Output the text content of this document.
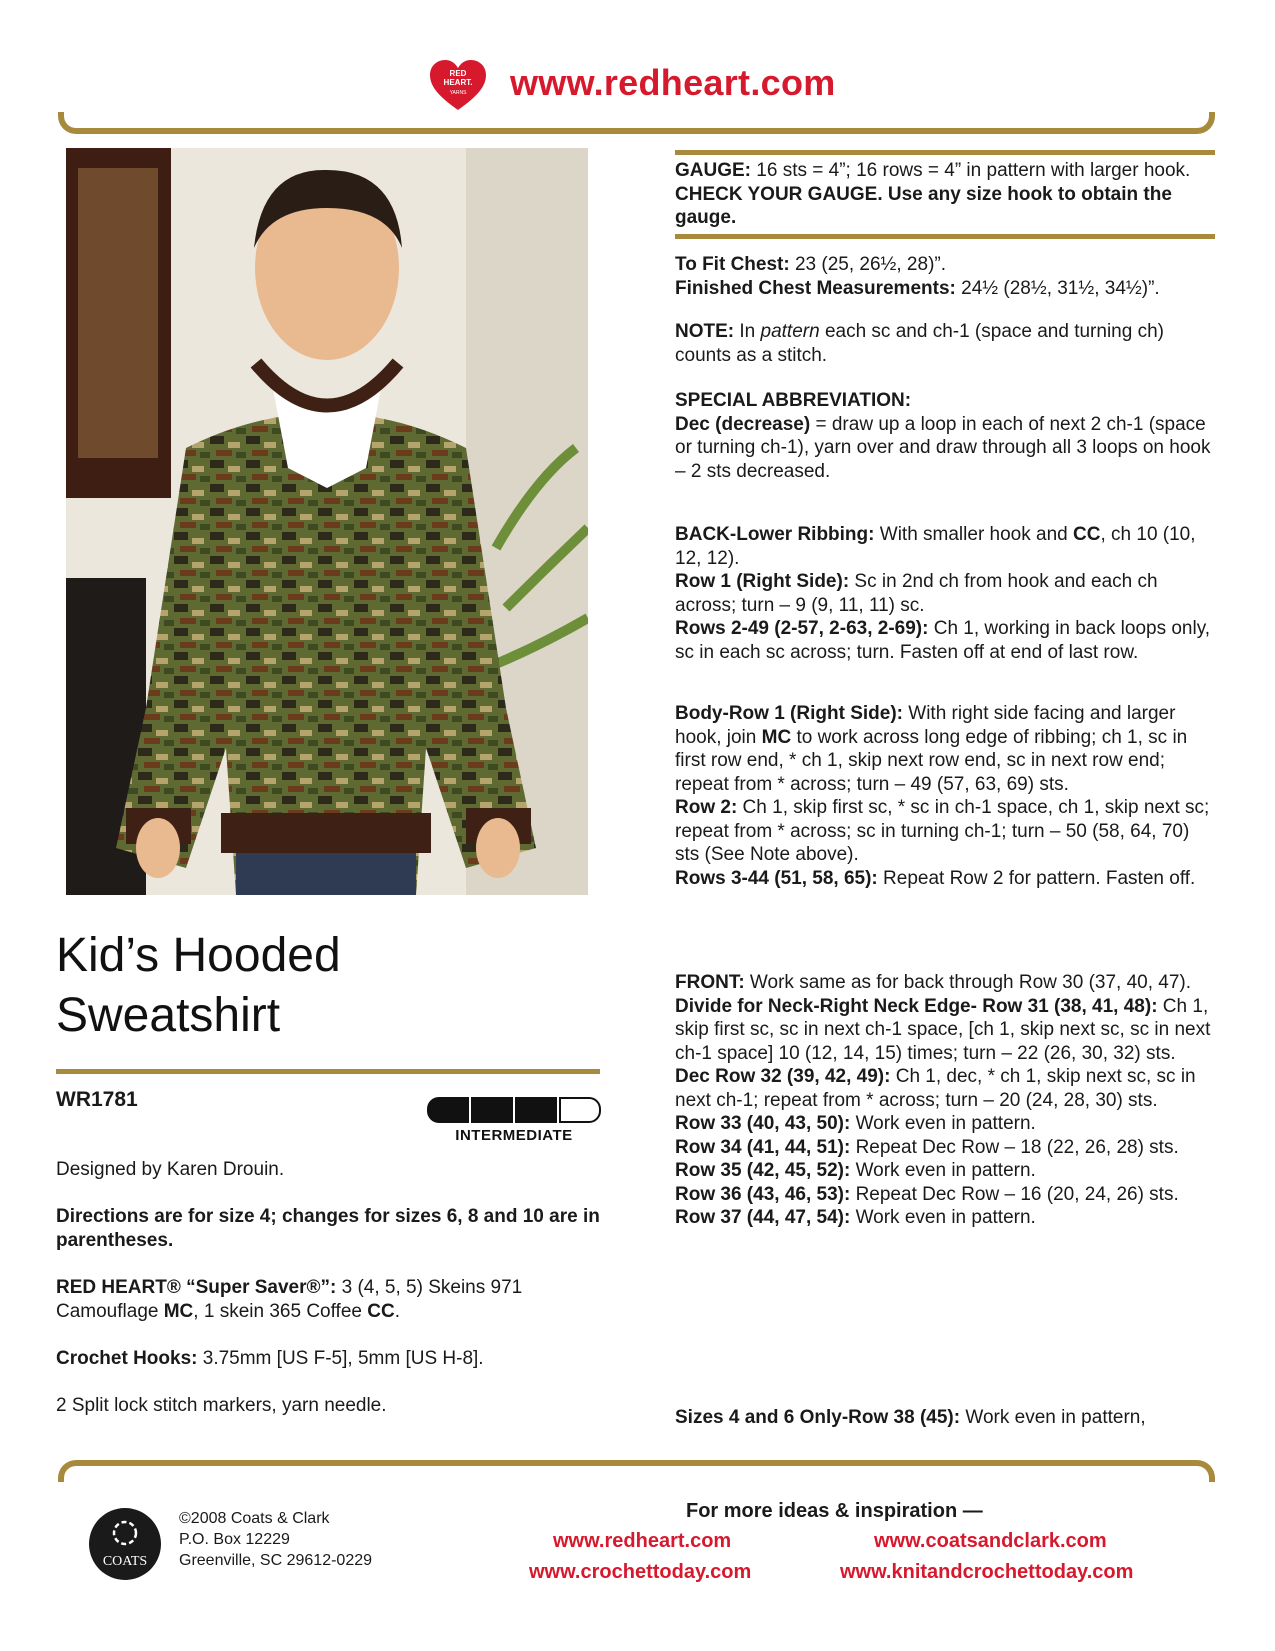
RED
HEART.
YARNS www.redheart.com
Kid’s Hooded
Sweatshirt
WR1781
INTERMEDIATE

Designed by Karen Drouin.

Directions are for size 4; changes for sizes 6, 8 and 10 are in parentheses.

RED HEART® “Super Saver®”: 3 (4, 5, 5) Skeins 971 Camouflage MC, 1 skein 365 Coffee CC.

Crochet Hooks: 3.75mm [US F-5], 5mm [US H-8].

2 Split lock stitch markers, yarn needle.

GAUGE: 16 sts = 4”; 16 rows = 4” in pattern with larger hook. CHECK YOUR GAUGE. Use any size hook to obtain the gauge.

To Fit Chest: 23 (25, 26½, 28)”.

Finished Chest Measurements: 24½ (28½, 31½, 34½)”.

NOTE: In pattern each sc and ch-1 (space and turning ch) counts as a stitch.

SPECIAL ABBREVIATION:

Dec (decrease) = draw up a loop in each of next 2 ch-1 (space or turning ch-1), yarn over and draw through all 3 loops on hook – 2 sts decreased.

BACK-Lower Ribbing: With smaller hook and CC, ch 10 (10, 12, 12).

Row 1 (Right Side): Sc in 2nd ch from hook and each ch across; turn – 9 (9, 11, 11) sc.

Rows 2-49 (2-57, 2-63, 2-69): Ch 1, working in back loops only, sc in each sc across; turn. Fasten off at end of last row.

Body-Row 1 (Right Side): With right side facing and larger hook, join MC to work across long edge of ribbing; ch 1, sc in first row end, * ch 1, skip next row end, sc in next row end; repeat from * across; turn – 49 (57, 63, 69) sts.

Row 2: Ch 1, skip first sc, * sc in ch-1 space, ch 1, skip next sc; repeat from * across; sc in turning ch-1; turn – 50 (58, 64, 70) sts (See Note above).

Rows 3-44 (51, 58, 65): Repeat Row 2 for pattern. Fasten off.

FRONT: Work same as for back through Row 30 (37, 40, 47).

Divide for Neck-Right Neck Edge- Row 31 (38, 41, 48): Ch 1, skip first sc, sc in next ch-1 space, [ch 1, skip next sc, sc in next ch-1 space] 10 (12, 14, 15) times; turn – 22 (26, 30, 32) sts.

Dec Row 32 (39, 42, 49): Ch 1, dec, * ch 1, skip next sc, sc in next ch-1; repeat from * across; turn – 20 (24, 28, 30) sts.

Row 33 (40, 43, 50): Work even in pattern.

Row 34 (41, 44, 51): Repeat Dec Row – 18 (22, 26, 28) sts.

Row 35 (42, 45, 52): Work even in pattern.

Row 36 (43, 46, 53): Repeat Dec Row – 16 (20, 24, 26) sts.

Row 37 (44, 47, 54): Work even in pattern.

Sizes 4 and 6 Only-Row 38 (45): Work even in pattern,

COATS
©2008 Coats & Clark
P.O. Box 12229
Greenville, SC 29612-0229
For more ideas & inspiration —
www.redheart.com	www.coatsandclark.com
www.crochettoday.com	www.knitandcrochettoday.com
